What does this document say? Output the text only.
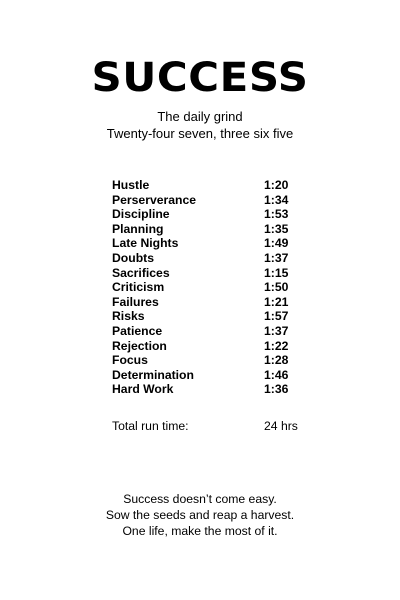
SUCCESS
The daily grind
Twenty-four seven, three six five
Hustle	1:20
Perserverance	1:34
Discipline	1:53
Planning	1:35
Late Nights	1:49
Doubts	1:37
Sacrifices	1:15
Criticism	1:50
Failures	1:21
Risks	1:57
Patience	1:37
Rejection	1:22
Focus	1:28
Determination	1:46
Hard Work	1:36
Total run time:	24 hrs
Success doesn’t come easy.
Sow the seeds and reap a harvest.
One life, make the most of it.
